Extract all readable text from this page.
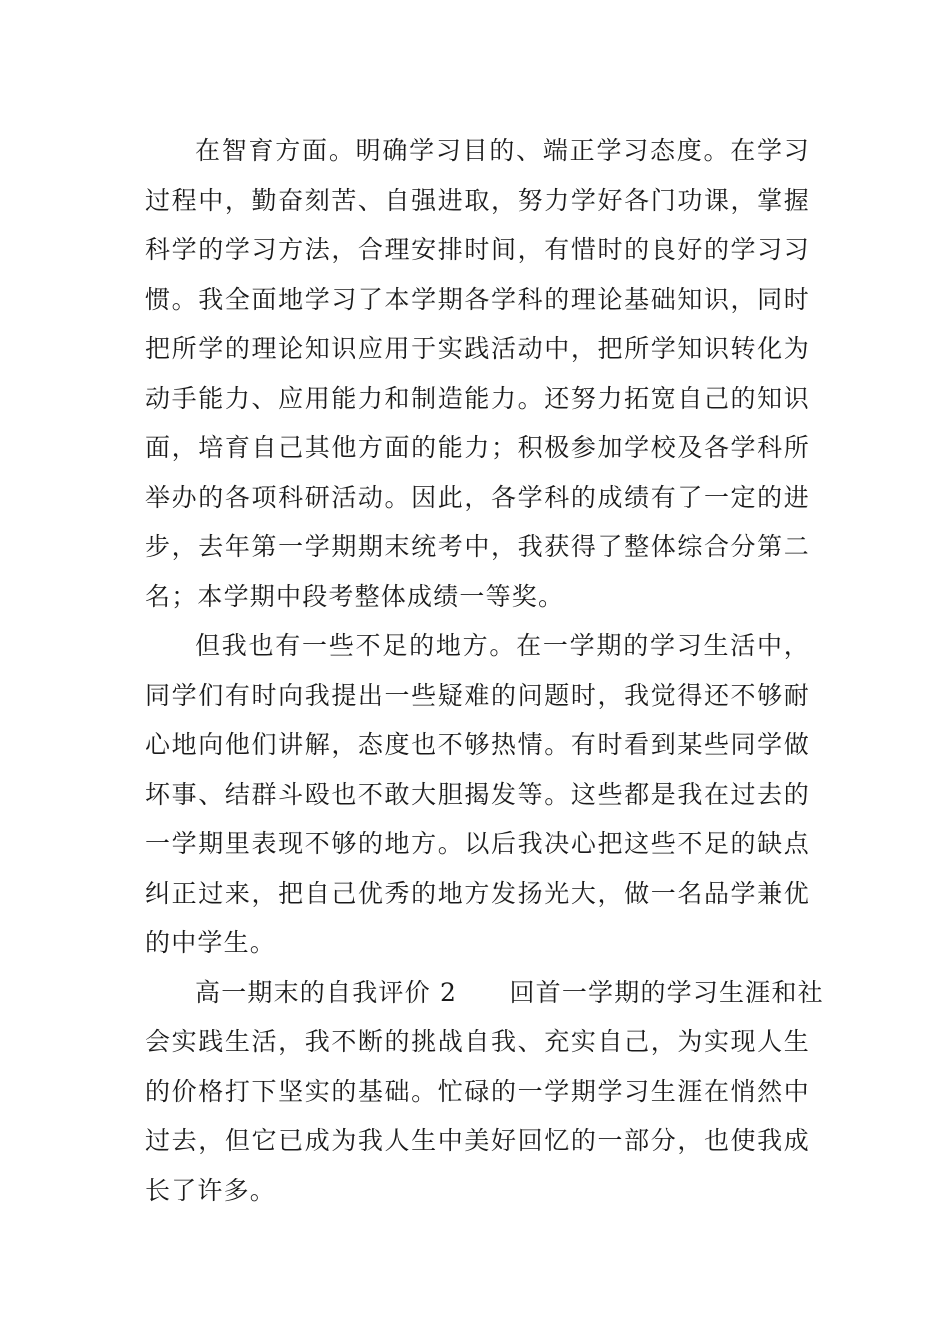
在智育方面。明确学习目的、端正学习态度。在学习
过程中，勤奋刻苦、自强进取，努力学好各门功课，掌握
科学的学习方法，合理安排时间，有惜时的良好的学习习
惯。我全面地学习了本学期各学科的理论基础知识，同时
把所学的理论知识应用于实践活动中，把所学知识转化为
动手能力、应用能力和制造能力。还努力拓宽自己的知识
面，培育自己其他方面的能力；积极参加学校及各学科所
举办的各项科研活动。因此，各学科的成绩有了一定的进
步，去年第一学期期末统考中，我获得了整体综合分第二
名；本学期中段考整体成绩一等奖。
但我也有一些不足的地方。在一学期的学习生活中，
同学们有时向我提出一些疑难的问题时，我觉得还不够耐
心地向他们讲解，态度也不够热情。有时看到某些同学做
坏事、结群斗殴也不敢大胆揭发等。这些都是我在过去的
一学期里表现不够的地方。以后我决心把这些不足的缺点
纠正过来，把自己优秀的地方发扬光大，做一名品学兼优
的中学生。
高一期末的自我评价 2　　回首一学期的学习生涯和社
会实践生活，我不断的挑战自我、充实自己，为实现人生
的价格打下坚实的基础。忙碌的一学期学习生涯在悄然中
过去，但它已成为我人生中美好回忆的一部分，也使我成
长了许多。
